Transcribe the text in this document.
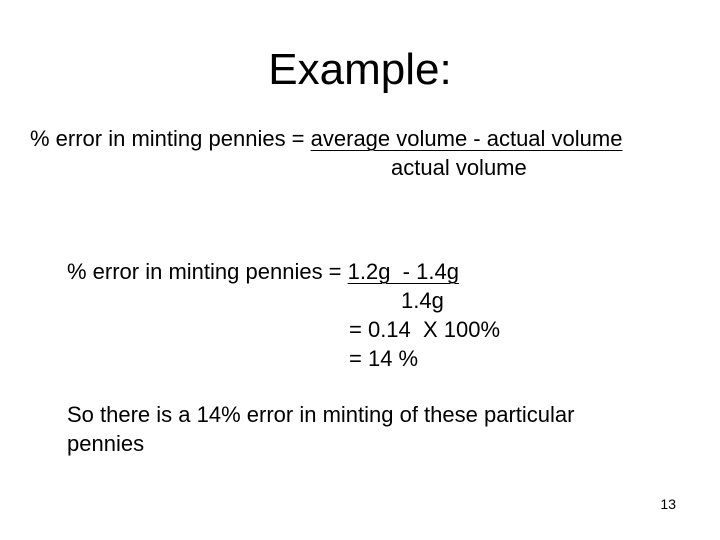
Example:
% error in minting pennies = average volume - actual volume
actual volume
% error in minting pennies = 1.2g  - 1.4g
1.4g
= 0.14  X 100%
= 14 %
So there is a 14% error in minting of these particular
pennies
13
